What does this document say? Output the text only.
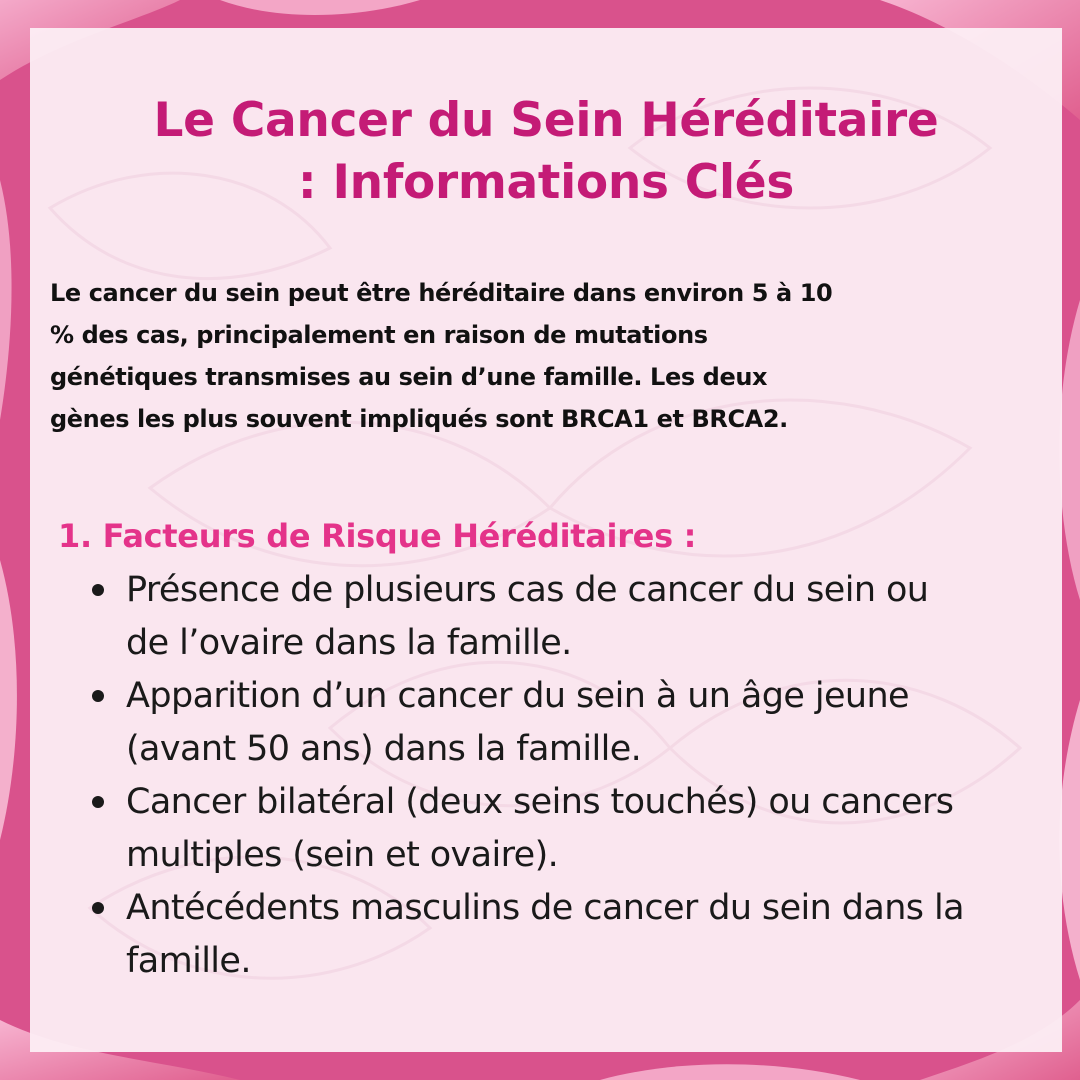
Le Cancer du Sein Héréditaire
: Informations Clés

Le cancer du sein peut être héréditaire dans environ 5 à 10
% des cas, principalement en raison de mutations
génétiques transmises au sein d’une famille. Les deux
gènes les plus souvent impliqués sont BRCA1 et BRCA2.

1. Facteurs de Risque Héréditaires :
Présence de plusieurs cas de cancer du sein ou
de l’ovaire dans la famille.
Apparition d’un cancer du sein à un âge jeune
(avant 50 ans) dans la famille.
Cancer bilatéral (deux seins touchés) ou cancers
multiples (sein et ovaire).
Antécédents masculins de cancer du sein dans la
famille.
